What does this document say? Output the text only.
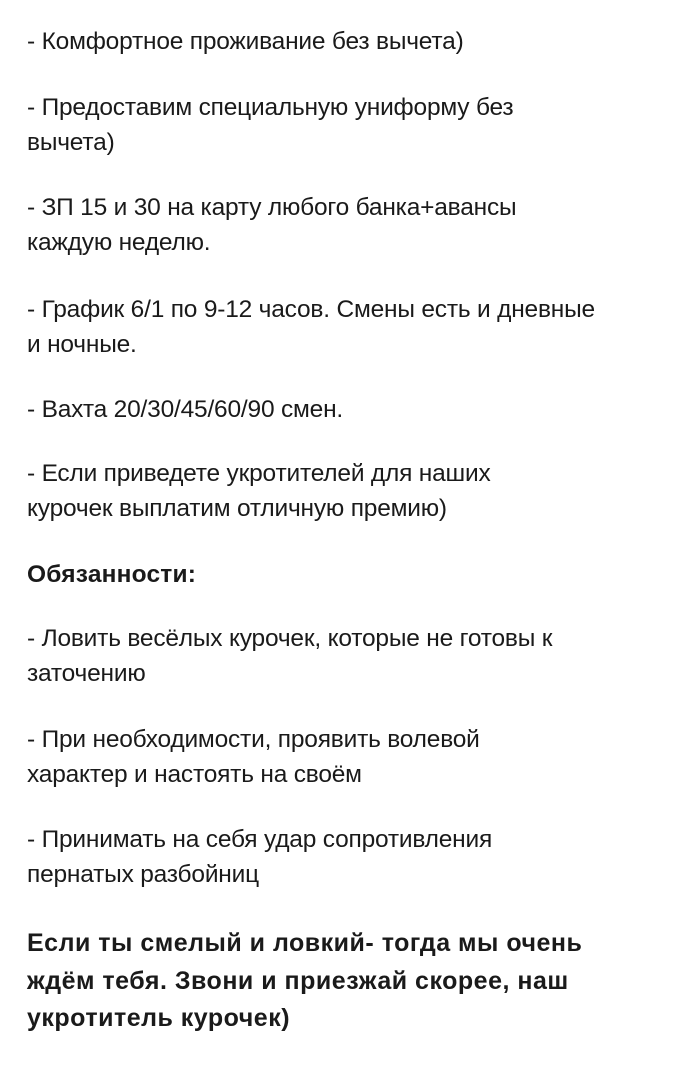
- Комфортное проживание без вычета)

- Предоставим специальную униформу без
вычета)

- ЗП 15 и 30 на карту любого банка+авансы
каждую неделю.

- График 6/1 по 9-12 часов. Смены есть и дневные
и ночные.

- Вахта 20/30/45/60/90 смен.

- Если приведете укротителей для наших
курочек выплатим отличную премию)

Обязанности:

- Ловить весёлых курочек, которые не готовы к
заточению

- При необходимости, проявить волевой
характер и настоять на своём

- Принимать на себя удар сопротивления
пернатых разбойниц

Если ты смелый и ловкий- тогда мы очень
ждём тебя. Звони и приезжай скорее, наш
укротитель курочек)
